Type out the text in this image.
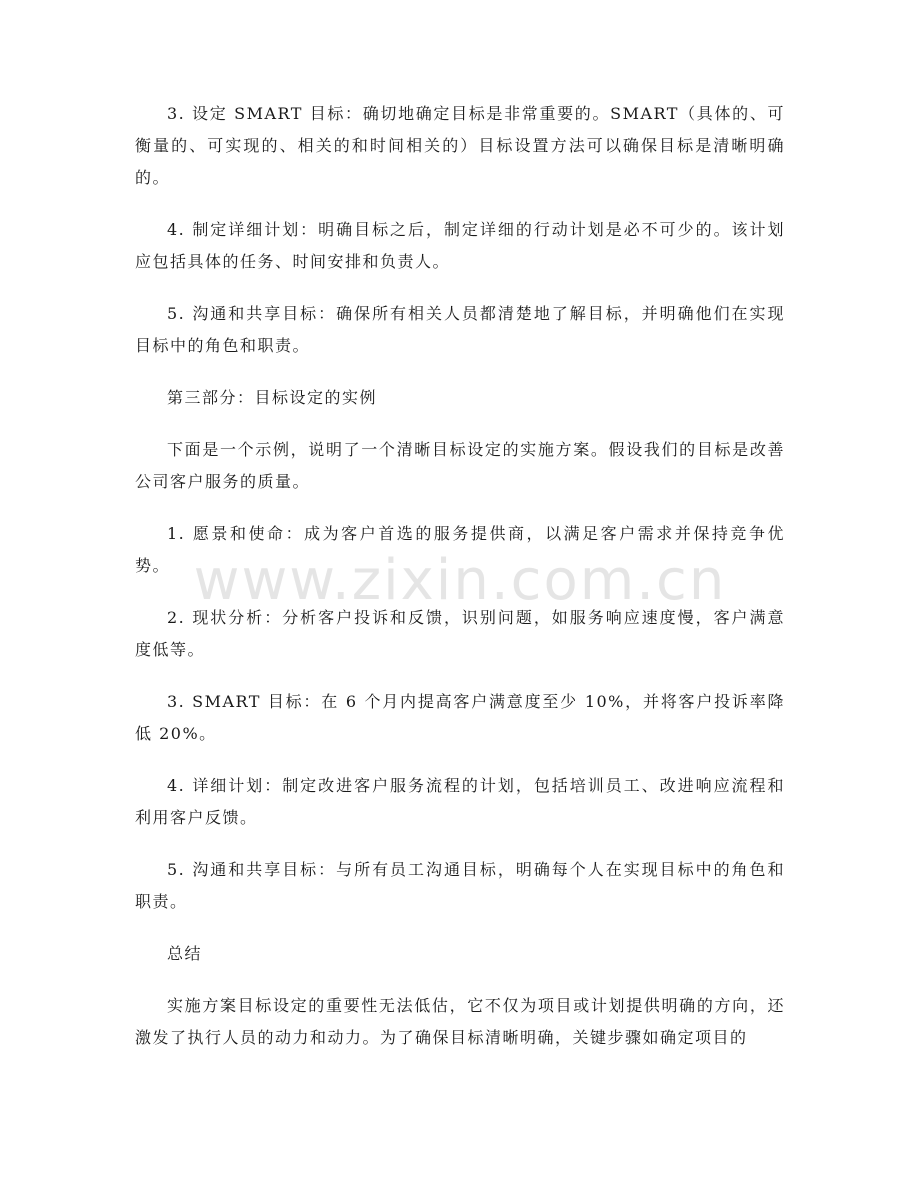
3. 设定 SMART 目标：确切地确定目标是非常重要的。SMART（具体的、可衡量的、可实现的、相关的和时间相关的）目标设置方法可以确保目标是清晰明确的。

4. 制定详细计划：明确目标之后，制定详细的行动计划是必不可少的。该计划应包括具体的任务、时间安排和负责人。

5. 沟通和共享目标：确保所有相关人员都清楚地了解目标，并明确他们在实现目标中的角色和职责。

第三部分：目标设定的实例

下面是一个示例，说明了一个清晰目标设定的实施方案。假设我们的目标是改善公司客户服务的质量。

1. 愿景和使命：成为客户首选的服务提供商，以满足客户需求并保持竞争优势。

2. 现状分析：分析客户投诉和反馈，识别问题，如服务响应速度慢，客户满意度低等。

3. SMART 目标：在 6 个月内提高客户满意度至少 10%，并将客户投诉率降低 20%。

4. 详细计划：制定改进客户服务流程的计划，包括培训员工、改进响应流程和利用客户反馈。

5. 沟通和共享目标：与所有员工沟通目标，明确每个人在实现目标中的角色和职责。

总结

实施方案目标设定的重要性无法低估，它不仅为项目或计划提供明确的方向，还激发了执行人员的动力和动力。为了确保目标清晰明确，关键步骤如确定项目的

www.zixin.com.cn
